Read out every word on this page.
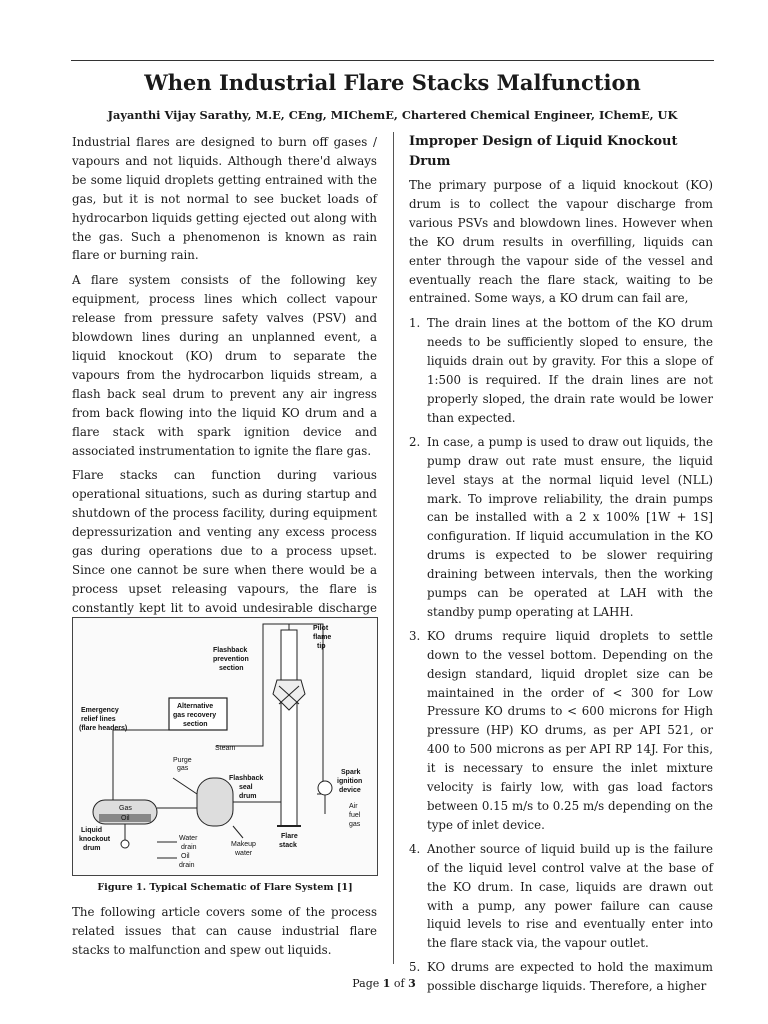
When Industrial Flare Stacks Malfunction
Jayanthi Vijay Sarathy, M.E, CEng, MIChemE, Chartered Chemical Engineer, IChemE, UK

Industrial flares are designed to burn off gases / vapours and not liquids. Although there'd always be some liquid droplets getting entrained with the gas, but it is not normal to see bucket loads of hydrocarbon liquids getting ejected out along with the gas. Such a phenomenon is known as rain flare or burning rain.

A flare system consists of the following key equipment, process lines which collect vapour release from pressure safety valves (PSV) and blowdown lines during an unplanned event, a liquid knockout (KO) drum to separate the vapours from the hydrocarbon liquids stream, a flash back seal drum to prevent any air ingress from back flowing into the liquid KO drum and a flare stack with spark ignition device and associated instrumentation to ignite the flare gas.

Flare stacks can function during various operational situations, such as during startup and shutdown of the process facility, during equipment depressurization and venting any excess process gas during operations due to a process upset. Since one cannot be sure when there would be a process upset releasing vapours, the flare is constantly kept lit to avoid undesirable discharge

Pilot
flame
tip
Flashback
prevention
section
Emergency
relief lines
(flare headers)
Alternative
gas recovery
section
Steam
Purge
gas
Flashback
seal
drum
Spark
ignition
device
Gas
Oil
Air
fuel
gas
Liquid
knockout
drum
Water
drain	Makeup
water
Flare
stack
Oil
drain
Figure 1. Typical Schematic of Flare System [1]

The following article covers some of the process related issues that can cause industrial flare stacks to malfunction and spew out liquids.

Improper Design of Liquid Knockout Drum

The primary purpose of a liquid knockout (KO) drum is to collect the vapour discharge from various PSVs and blowdown lines. However when the KO drum results in overfilling, liquids can enter through the vapour side of the vessel and eventually reach the flare stack, waiting to be entrained. Some ways, a KO drum can fail are,

1. The drain lines at the bottom of the KO drum needs to be sufficiently sloped to ensure, the liquids drain out by gravity. For this a slope of 1:500 is required. If the drain lines are not properly sloped, the drain rate would be lower than expected.
2. In case, a pump is used to draw out liquids, the pump draw out rate must ensure, the liquid level stays at the normal liquid level (NLL) mark. To improve reliability, the drain pumps can be installed with a 2 x 100% [1W + 1S] configuration. If liquid accumulation in the KO drums is expected to be slower requiring draining between intervals, then the working pumps can be operated at LAH with the standby pump operating at LAHH.
3. KO drums require liquid droplets to settle down to the vessel bottom. Depending on the design standard, liquid droplet size can be maintained in the order of < 300 for Low Pressure KO drums to < 600 microns for High pressure (HP) KO drums, as per API 521, or 400 to 500 microns as per API RP 14J. For this, it is necessary to ensure the inlet mixture velocity is fairly low, with gas load factors between 0.15 m/s to 0.25 m/s depending on the type of inlet device.
4. Another source of liquid build up is the failure of the liquid level control valve at the base of the KO drum. In case, liquids are drawn out with a pump, any power failure can cause liquid levels to rise and eventually enter into the flare stack via, the vapour outlet.
5. KO drums are expected to hold the maximum possible discharge liquids. Therefore, a higher
Page 1 of 3
